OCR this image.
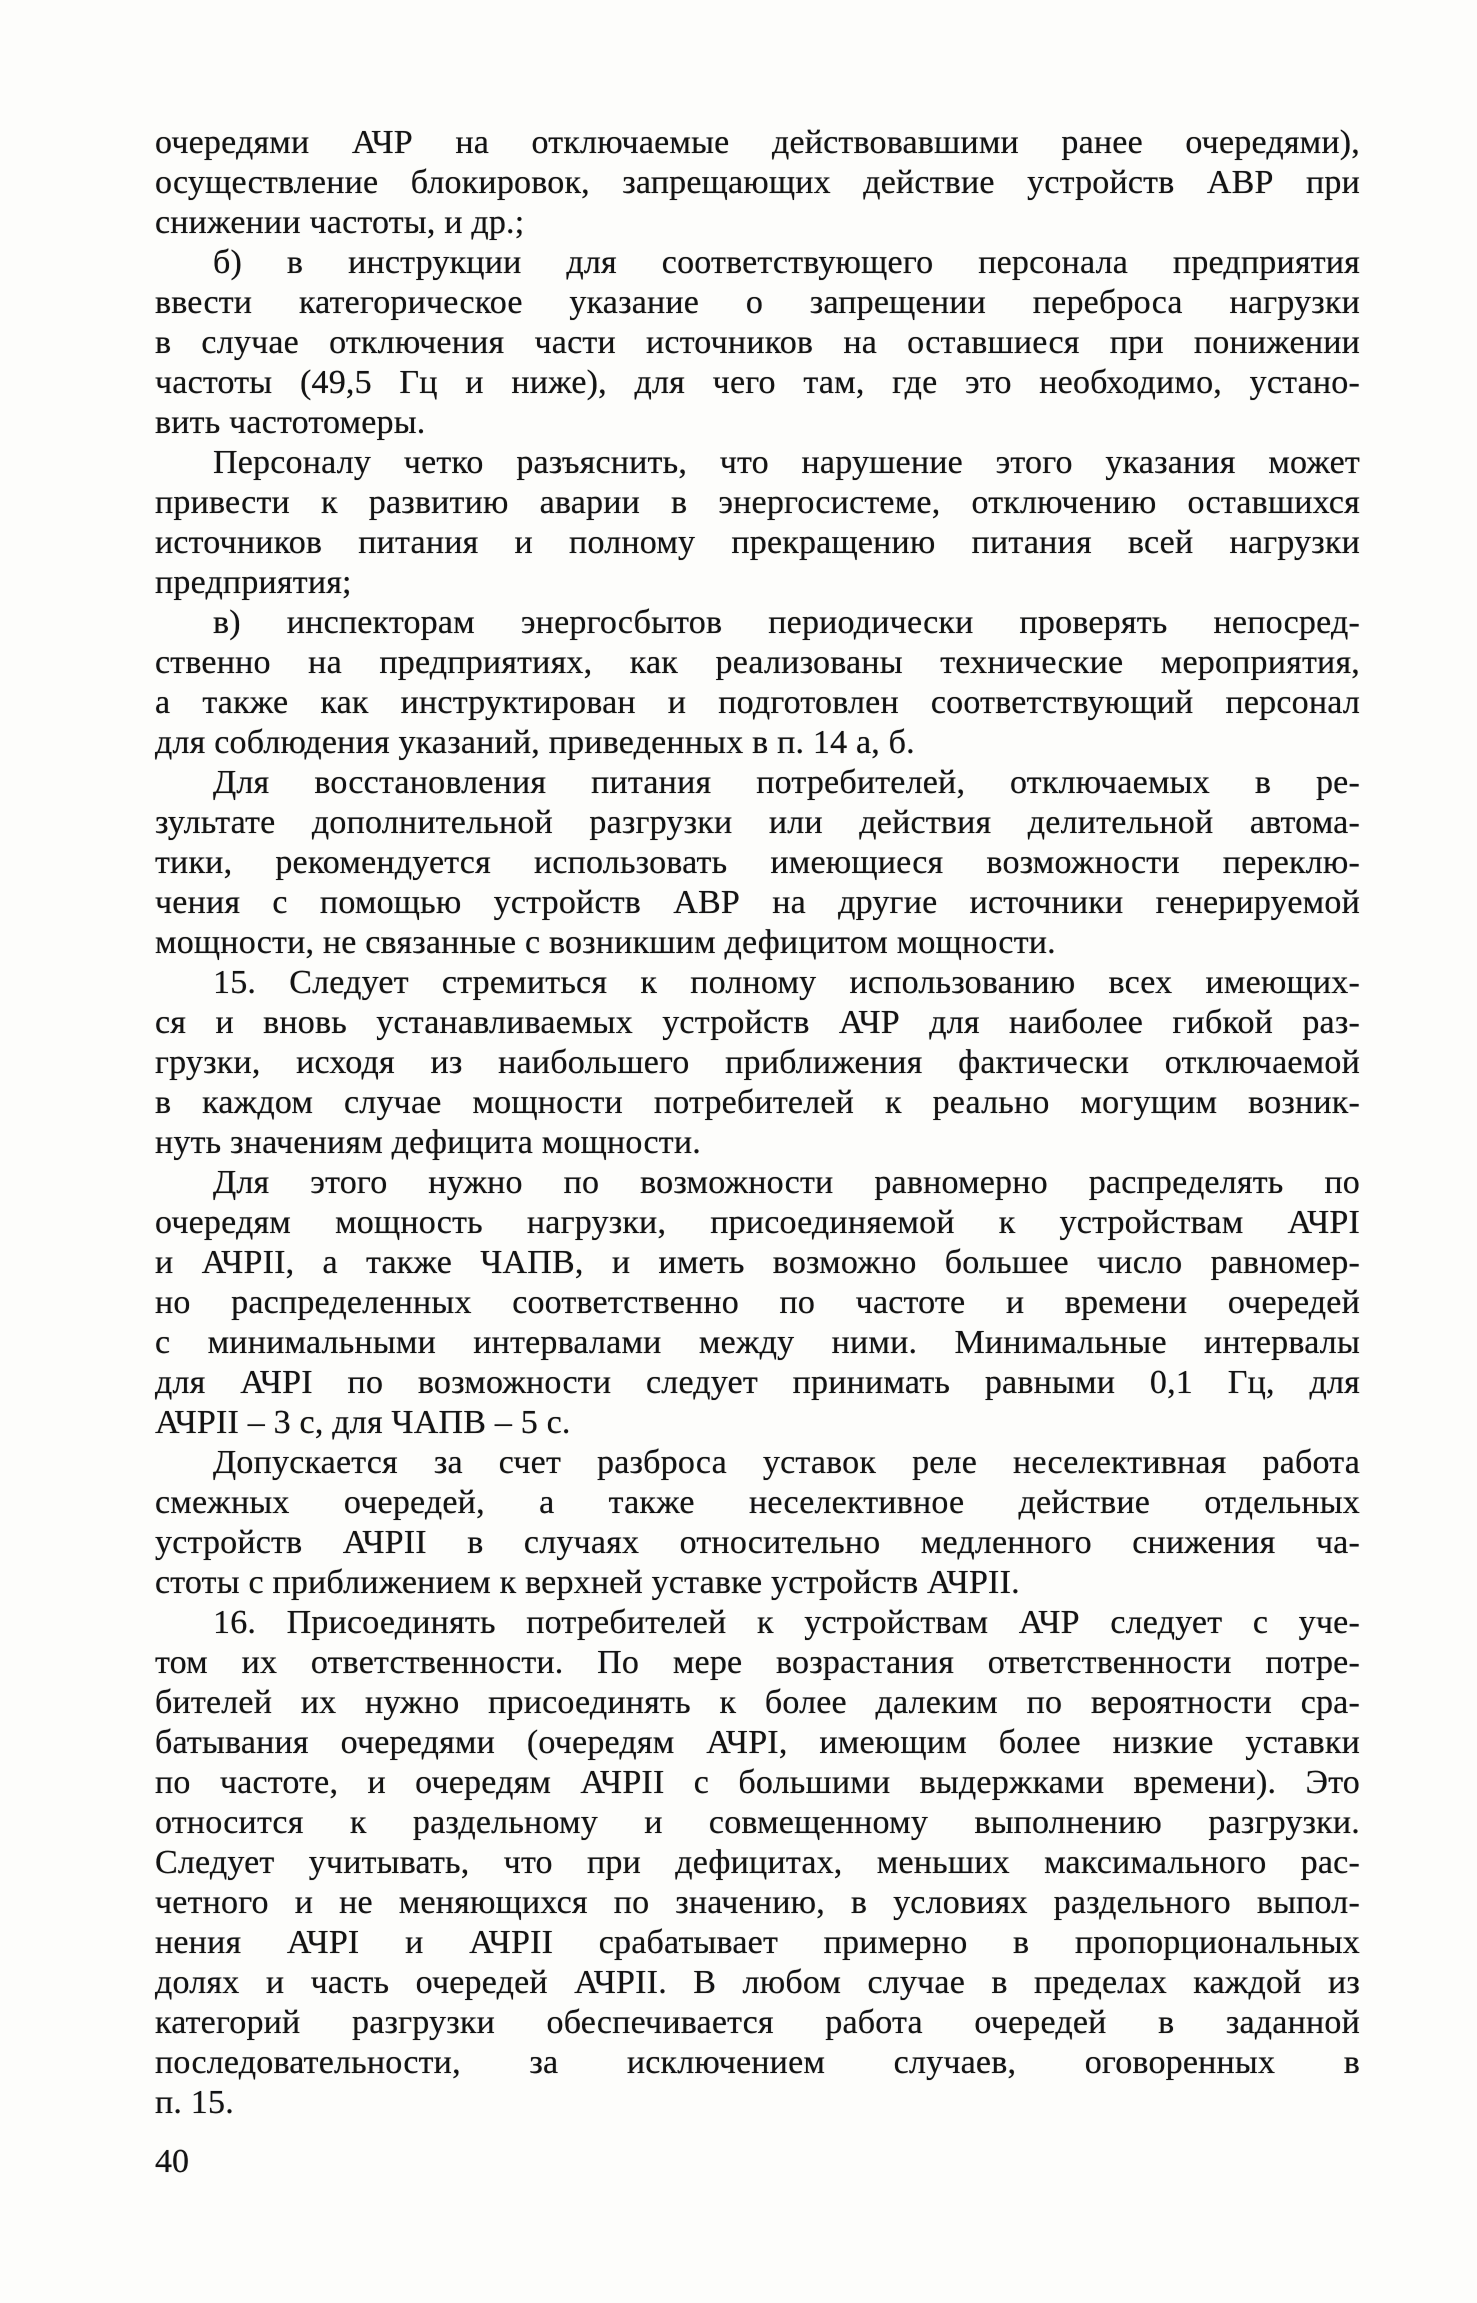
очередями АЧР на отключаемые действовавшими ранее очередями),
осуществление блокировок, запрещающих действие устройств АВР при
снижении частоты, и др.;
б) в инструкции для соответствующего персонала предприятия
ввести категорическое указание о запрещении переброса нагрузки
в случае отключения части источников на оставшиеся при понижении
частоты (49,5 Гц и ниже), для чего там, где это необходимо, устано-
вить частотомеры.
Персоналу четко разъяснить, что нарушение этого указания может
привести к развитию аварии в энергосистеме, отключению оставшихся
источников питания и полному прекращению питания всей нагрузки
предприятия;
в) инспекторам энергосбытов периодически проверять непосред-
ственно на предприятиях, как реализованы технические мероприятия,
а также как инструктирован и подготовлен соответствующий персонал
для соблюдения указаний, приведенных в п. 14 а, б.
Для восстановления питания потребителей, отключаемых в ре-
зультате дополнительной разгрузки или действия делительной автома-
тики, рекомендуется использовать имеющиеся возможности переклю-
чения с помощью устройств АВР на другие источники генерируемой
мощности, не связанные с возникшим дефицитом мощности.
15. Следует стремиться к полному использованию всех имеющих-
ся и вновь устанавливаемых устройств АЧР для наиболее гибкой раз-
грузки, исходя из наибольшего приближения фактически отключаемой
в каждом случае мощности потребителей к реально могущим возник-
нуть значениям дефицита мощности.
Для этого нужно по возможности равномерно распределять по
очередям мощность нагрузки, присоединяемой к устройствам АЧРI
и АЧРII, а также ЧАПВ, и иметь возможно большее число равномер-
но распределенных соответственно по частоте и времени очередей
с минимальными интервалами между ними. Минимальные интервалы
для АЧРI по возможности следует принимать равными 0,1 Гц, для
АЧРII – 3 с, для ЧАПВ – 5 с.
Допускается за счет разброса уставок реле неселективная работа
смежных очередей, а также неселективное действие отдельных
устройств АЧРII в случаях относительно медленного снижения ча-
стоты с приближением к верхней уставке устройств АЧРII.
16. Присоединять потребителей к устройствам АЧР следует с уче-
том их ответственности. По мере возрастания ответственности потре-
бителей их нужно присоединять к более далеким по вероятности сра-
батывания очередями (очередям АЧРI, имеющим более низкие уставки
по частоте, и очередям АЧРII с большими выдержками времени). Это
относится к раздельному и совмещенному выполнению разгрузки.
Следует учитывать, что при дефицитах, меньших максимального рас-
четного и не меняющихся по значению, в условиях раздельного выпол-
нения АЧРI и АЧРII срабатывает примерно в пропорциональных
долях и часть очередей АЧРII. В любом случае в пределах каждой из
категорий разгрузки обеспечивается работа очередей в заданной
последовательности, за исключением случаев, оговоренных в
п. 15.
40
